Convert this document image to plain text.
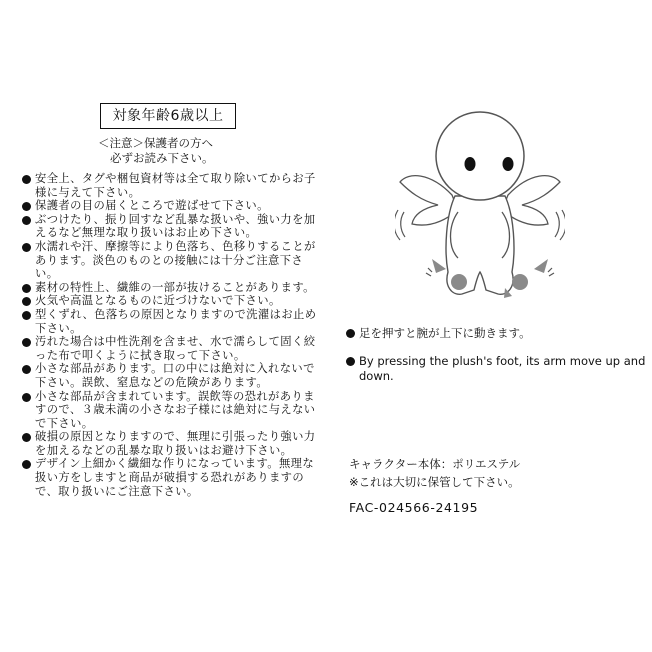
対象年齢6歳以上
＜注意＞保護者の方へ
必ずお読み下さい。
安全上、タグや梱包資材等は全て取り除いてからお子様に与えて下さい。
保護者の目の届くところで遊ばせて下さい。
ぶつけたり、振り回すなど乱暴な扱いや、強い力を加えるなど無理な取り扱いはお止め下さい。
水濡れや汗、摩擦等により色落ち、色移りすることがあります。淡色のものとの接触には十分ご注意下さい。
素材の特性上、繊維の一部が抜けることがあります。
火気や高温となるものに近づけないで下さい。
型くずれ、色落ちの原因となりますので洗濯はお止め下さい。
汚れた場合は中性洗剤を含ませ、水で濡らして固く絞った布で叩くように拭き取って下さい。
小さな部品があります。口の中には絶対に入れないで下さい。誤飲、窒息などの危険があります。
小さな部品が含まれています。誤飲等の恐れがありますので、３歳未満の小さなお子様には絶対に与えないで下さい。
破損の原因となりますので、無理に引張ったり強い力を加えるなどの乱暴な取り扱いはお避け下さい。
デザイン上細かく繊細な作りになっています。無理な扱い方をしますと商品が破損する恐れがありますので、取り扱いにご注意下さい。
足を押すと腕が上下に動きます。
By pressing the plush's foot, its arm move up and down.
キャラクター本体：ポリエステル
※これは大切に保管して下さい。
FAC-024566-24195
